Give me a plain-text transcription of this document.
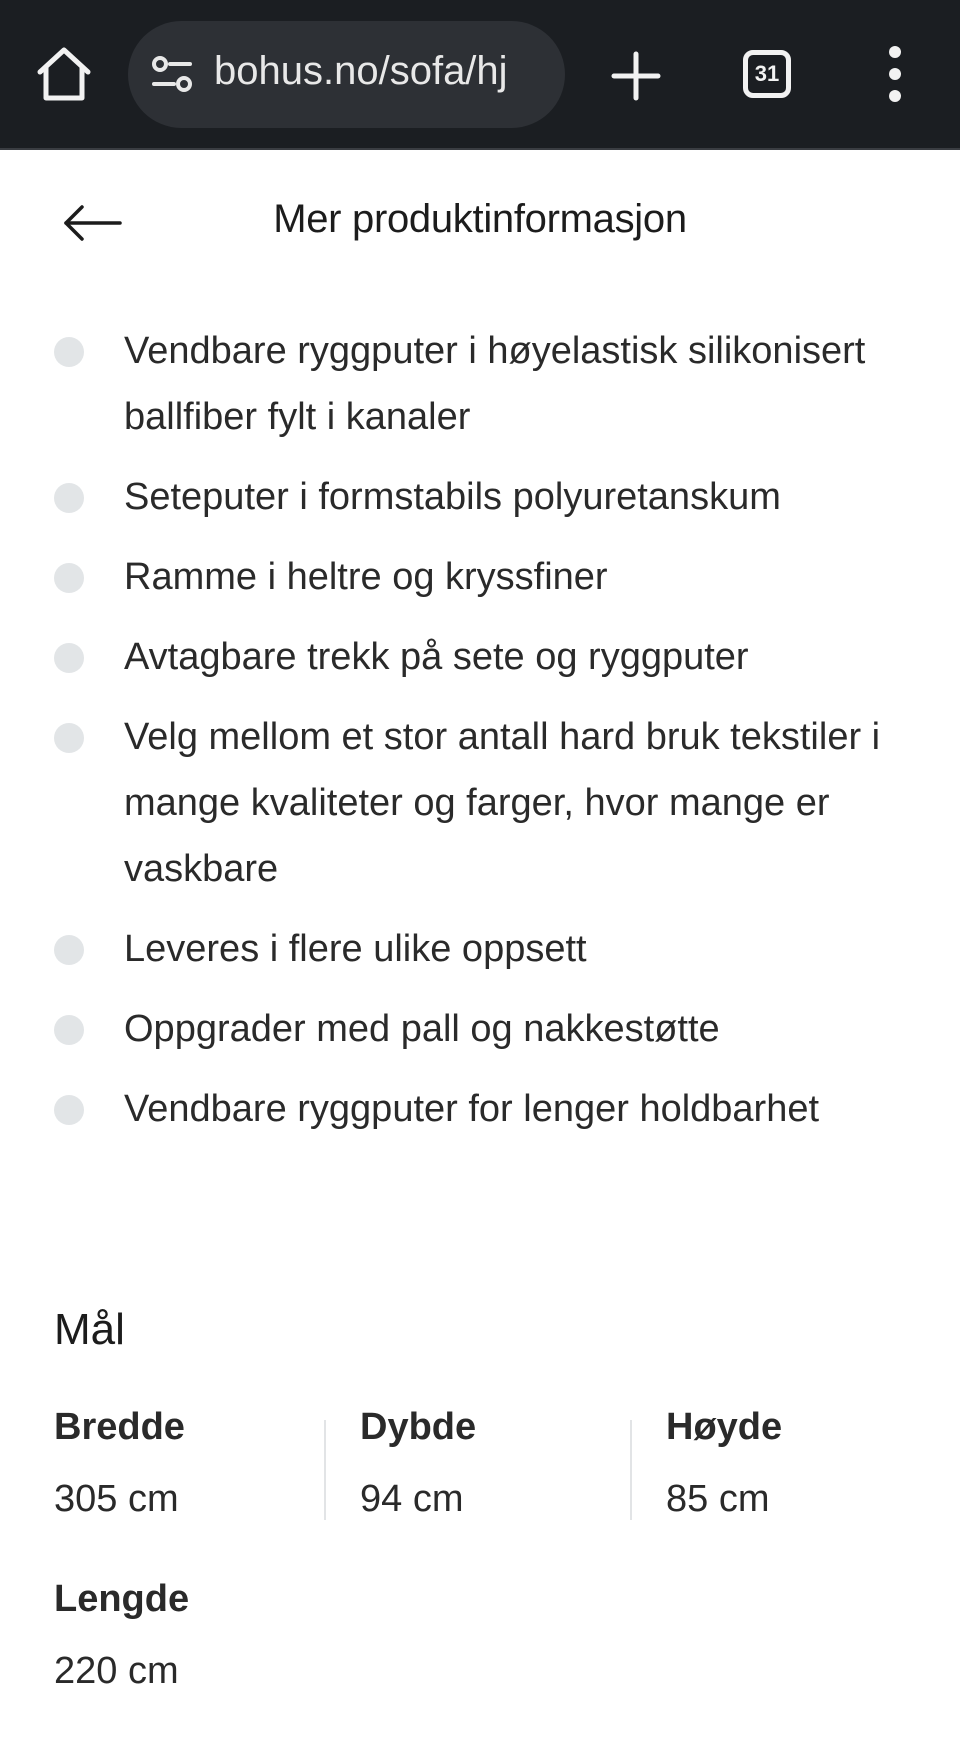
bohus.no/sofa/hj	31
Mer produktinformasjon
Vendbare ryggputer i høyelastisk silikonisert ballfiber fylt i kanaler
Seteputer i formstabils polyuretanskum
Ramme i heltre og kryssfiner
Avtagbare trekk på sete og ryggputer
Velg mellom et stor antall hard bruk tekstiler i mange kvaliteter og farger, hvor mange er vaskbare
Leveres i flere ulike oppsett
Oppgrader med pall og nakkestøtte
Vendbare ryggputer for lenger holdbarhet
Mål
Bredde
305 cm
Dybde
94 cm
Høyde
85 cm
Lengde
220 cm
